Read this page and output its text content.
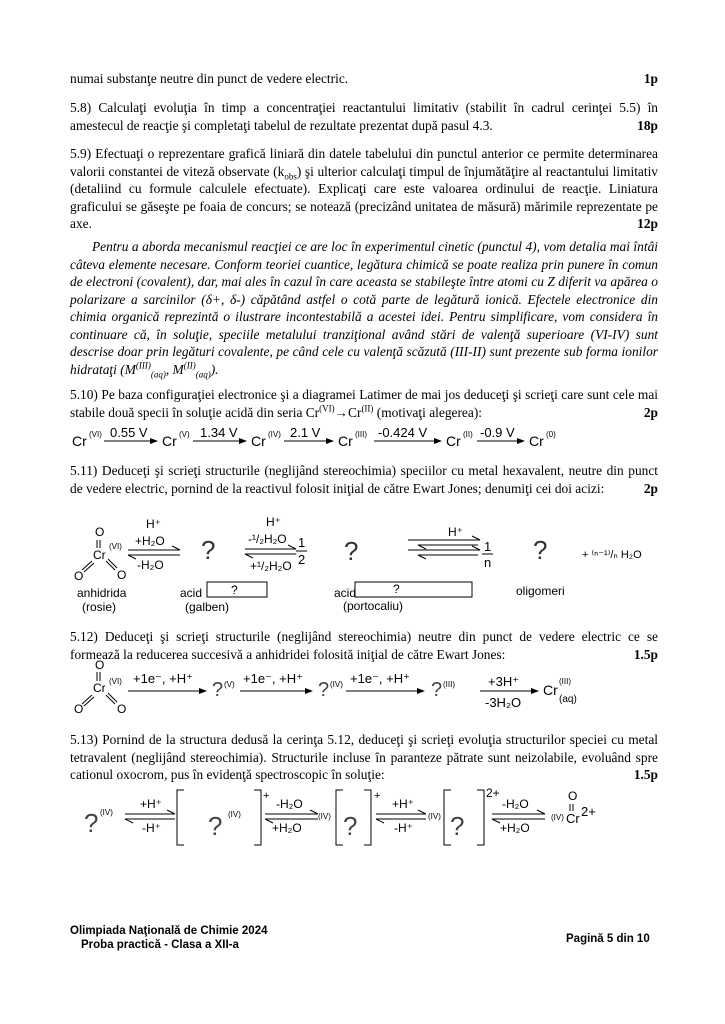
1p
numai substanţe neutre din punct de vedere electric.
5.8) Calculaţi evoluţia în timp a concentraţiei reactantului limitativ (stabilit în cadrul cerinţei 5.5) în amestecul de reacţie şi completaţi tabelul de rezultate prezentat după pasul 4.3.	18p
5.9) Efectuaţi o reprezentare grafică liniară din datele tabelului din punctul anterior ce permite determinarea valorii constantei de viteză observate $(k_{obs})$ şi ulterior calculaţi timpul de înjumătăţire al reactantului limitativ (detaliind cu formule calculele efectuate). Explicaţi care este valoarea ordinului de reacţie. Liniatura graficului se găseşte pe foaia de concurs; se notează (precizând unitatea de măsură) mărimile reprezentate pe axe.	12p
Pentru a aborda mecanismul reacţiei ce are loc în experimentul cinetic (punctul 4), vom detalia mai întâi câteva elemente necesare. Conform teoriei cuantice, legătura chimică se poate realiza prin punere în comun de electroni (covalent), dar, mai ales în cazul în care aceasta se stabileşte între atomi cu Z diferit va apărea o polarizare a sarcinilor (δ+, δ-) căpătând astfel o cotă parte de legătură ionică. Efectele electronice din chimia organică reprezintă o ilustrare incontestabilă a acestei idei. Pentru simplificare, vom considera în continuare că, în soluţie, speciile metalului tranziţional având stări de valenţă superioare (VI-IV) sunt descrise doar prin legături covalente, pe când cele cu valenţă scăzută (III-II) sunt prezente sub forma ionilor hidrataţi ($M^{(III)}_{(aq)}$, $M^{(II)}_{(aq)}$).
5.10) Pe baza configuraţiei electronice şi a diagramei Latimer de mai jos deduceţi şi scrieţi care sunt cele mai stabile două specii în soluţie acidă din seria $Cr^{(VI)}\to Cr^{(II)}$ (motivaţi alegerea):	2p
5.11) Deduceţi şi scrieţi structurile (neglijând stereochimia) speciilor cu metal hexavalent, neutre din punct de vedere electric, pornind de la reactivul folosit iniţial de către Ewart Jones; denumiţi cei doi acizi:	2p
5.12) Deduceţi şi scrieţi structurile (neglijând stereochimia) neutre din punct de vedere electric ce se formează la reducerea succesivă a anhidridei folosită iniţial de către Ewart Jones:	1.5p
5.13) Pornind de la structura dedusă la cerinţa 5.12, deduceţi şi scrieţi evoluţia structurilor speciei cu metal tetravalent (neglijând stereochimia). Structurile incluse în paranteze pătrate sunt neizolabile, evoluând spre cationul oxocrom, pus în evidenţă spectroscopic în soluţie:	1.5p
Cr (VI) 0.55 V
Cr (V) 1.34 V
Cr (IV) 2.1 V
Cr (III) -0.424 V
Cr (II) -0.9 V
Cr (0)
O
Cr
(VI)
O	O
H⁺
+H₂O
-H₂O ?
H⁺
-¹/₂H₂O
+¹/₂H₂O
1
2 ?
H⁺
1
n ?	+ ⁽ⁿ⁻¹⁾/ₙ H₂O
anhidrida
(rosie)
acid ?
(galben)
acid	?
(portocaliu)
oligomeri
O
Cr (VI)
O	O
+1e⁻, +H⁺
? (V) +1e⁻, +H⁺
? (IV) +1e⁻, +H⁺
? (III)	+3H⁺
-3H₂O
Cr
(III)
(aq)
? (IV)
+H⁺
-H⁺ ? (IV)
+
-H₂O
+H₂O
(IV) ?
+
+H⁺
-H⁺
(IV) ?
2+
-H₂O
+H₂O
(IV)
O
Cr 2+
Olimpiada Naţională de Chimie 2024
Proba practică - Clasa a XII-a	Pagină 5 din 10
